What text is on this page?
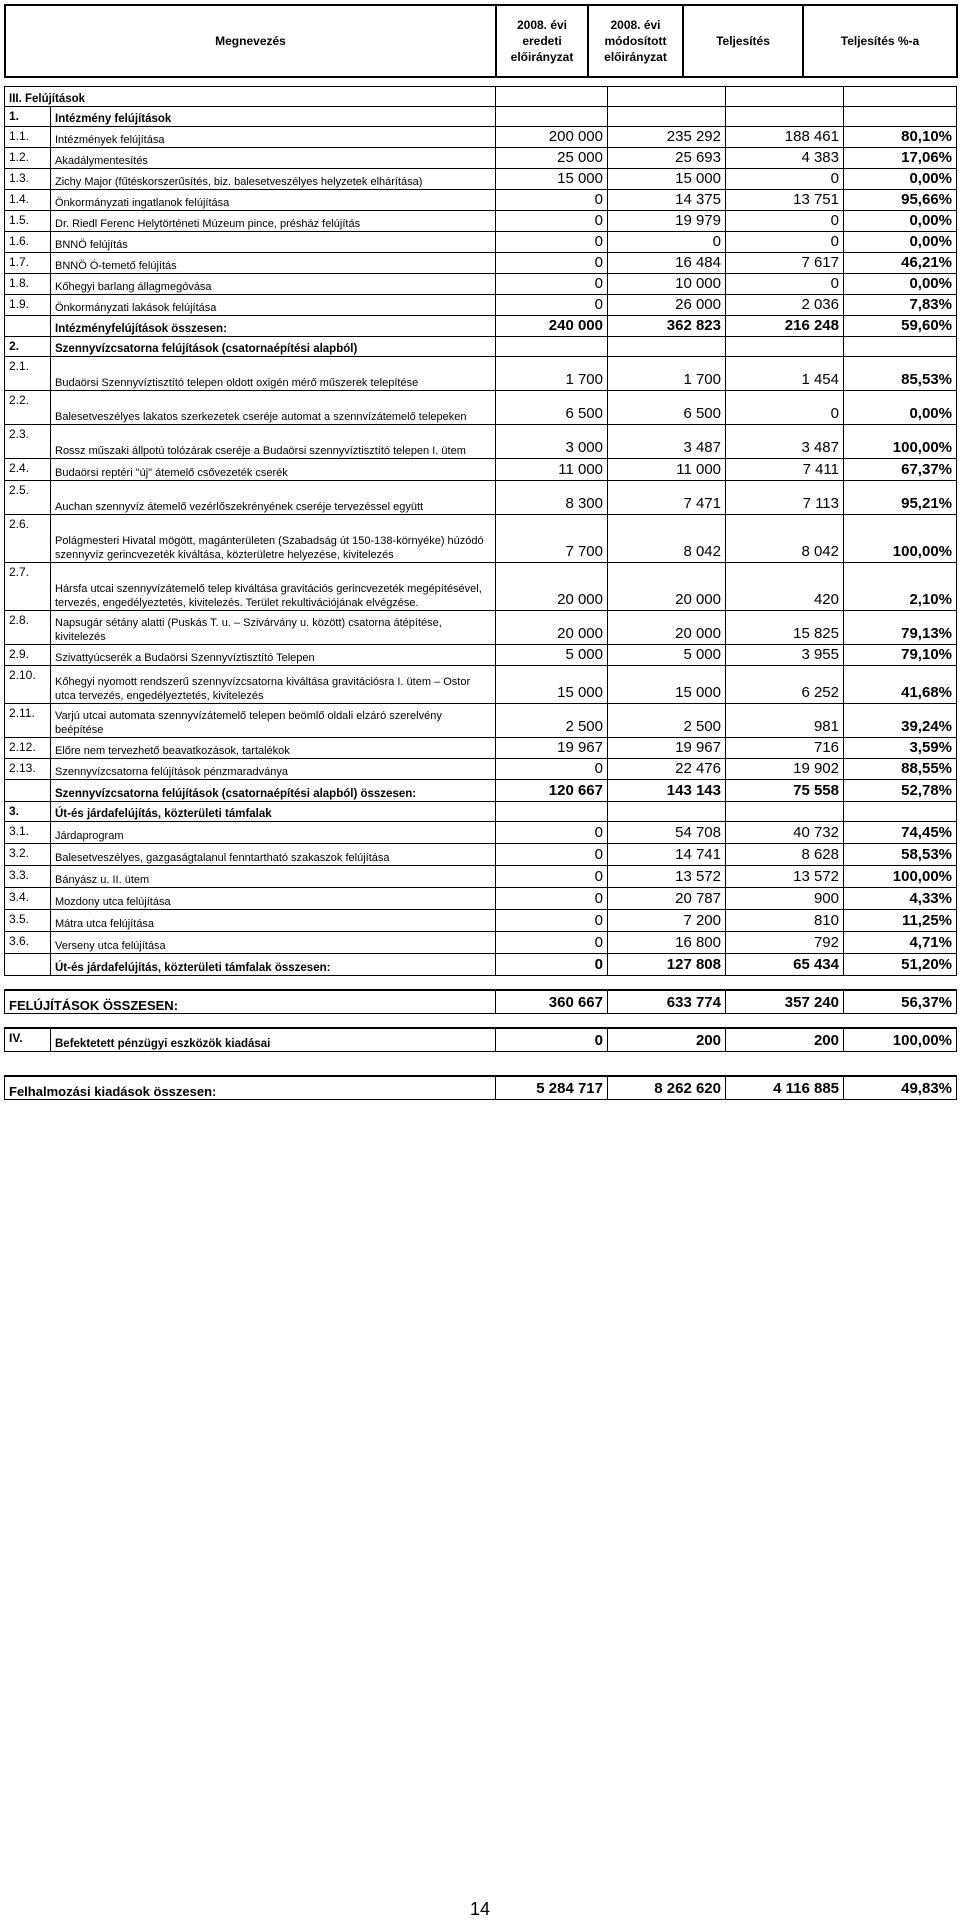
Megnevezés	2008. évi eredeti előirányzat	2008. évi módosított előirányzat	Teljesítés	Teljesítés %-a
III. Felújítások					
1.	Intézmény felújítások				
1.1.	Intézmények felújítása	200 000	235 292	188 461	80,10%
1.2.	Akadálymentesítés	25 000	25 693	4 383	17,06%
1.3.	Zichy Major (fűtéskorszerűsítés, biz. balesetveszélyes helyzetek elhárítása)	15 000	15 000	0	0,00%
1.4.	Önkormányzati ingatlanok felújítása	0	14 375	13 751	95,66%
1.5.	Dr. Riedl Ferenc Helytörténeti Múzeum pince, présház felújítás	0	19 979	0	0,00%
1.6.	BNNÖ felújítás	0	0	0	0,00%
1.7.	BNNÖ Ó-temető felújítás	0	16 484	7 617	46,21%
1.8.	Kőhegyi barlang állagmegóvása	0	10 000	0	0,00%
1.9.	Önkormányzati lakások felújítása	0	26 000	2 036	7,83%
	Intézményfelújítások összesen:	240 000	362 823	216 248	59,60%
2.	Szennyvízcsatorna felújítások (csatornaépítési alapból)				
2.1.	Budaörsi Szennyvíztisztító telepen oldott oxigén mérő műszerek telepítése	1 700	1 700	1 454	85,53%
2.2.	Balesetveszélyes lakatos szerkezetek cseréje automat a szennvízátemelő telepeken	6 500	6 500	0	0,00%
2.3.	Rossz műszaki állpotú tolózárak cseréje a Budaörsi szennyvíztisztító telepen I. ütem	3 000	3 487	3 487	100,00%
2.4.	Budaörsi reptéri "új" átemelő csővezeték cserék	11 000	11 000	7 411	67,37%
2.5.	Auchan szennyvíz átemelő vezérlőszekrényének cseréje tervezéssel együtt	8 300	7 471	7 113	95,21%
2.6.	Polágmesteri Hivatal mögött, magánterületen (Szabadság út 150-138-környéke) húzódó szennyvíz gerincvezeték kiváltása, közterületre helyezése, kivitelezés	7 700	8 042	8 042	100,00%
2.7.	Hársfa utcai szennyvízátemelő telep kiváltása gravitációs gerincvezeték megépítésével, tervezés, engedélyeztetés, kivitelezés. Terület rekultivációjának elvégzése.	20 000	20 000	420	2,10%
2.8.	Napsugár sétány alatti (Puskás T. u. – Szivárvány u. között) csatorna átépítése, kivitelezés	20 000	20 000	15 825	79,13%
2.9.	Szivattyúcserék a Budaörsi Szennyvíztisztító Telepen	5 000	5 000	3 955	79,10%
2.10.	Kőhegyi nyomott rendszerű szennyvízcsatorna kiváltása gravitációsra I. ütem – Ostor utca tervezés, engedélyeztetés, kivitelezés	15 000	15 000	6 252	41,68%
2.11.	Varjú utcai automata szennyvízátemelő telepen beömlő oldali elzáró szerelvény beépítése	2 500	2 500	981	39,24%
2.12.	Előre nem tervezhető beavatkozások, tartalékok	19 967	19 967	716	3,59%
2.13.	Szennyvízcsatorna felújítások pénzmaradványa	0	22 476	19 902	88,55%
	Szennyvízcsatorna felújítások (csatornaépítési alapból) összesen:	120 667	143 143	75 558	52,78%
3.	Út-és járdafelújítás, közterületi támfalak				
3.1.	Járdaprogram	0	54 708	40 732	74,45%
3.2.	Balesetveszélyes, gazgaságtalanul fenntartható szakaszok felújítása	0	14 741	8 628	58,53%
3.3.	Bányász u. II. ütem	0	13 572	13 572	100,00%
3.4.	Mozdony utca felújítása	0	20 787	900	4,33%
3.5.	Mátra utca felújítása	0	7 200	810	11,25%
3.6.	Verseny utca felújítása	0	16 800	792	4,71%
	Út-és járdafelújítás, közterületi támfalak összesen:	0	127 808	65 434	51,20%

FELÚJÍTÁSOK ÖSSZESEN:		360 667	633 774	357 240	56,37%

IV.	Befektetett pénzügyi eszközök kiadásai	0	200	200	100,00%

Felhalmozási kiadások összesen:		5 284 717	8 262 620	4 116 885	49,83%
14
